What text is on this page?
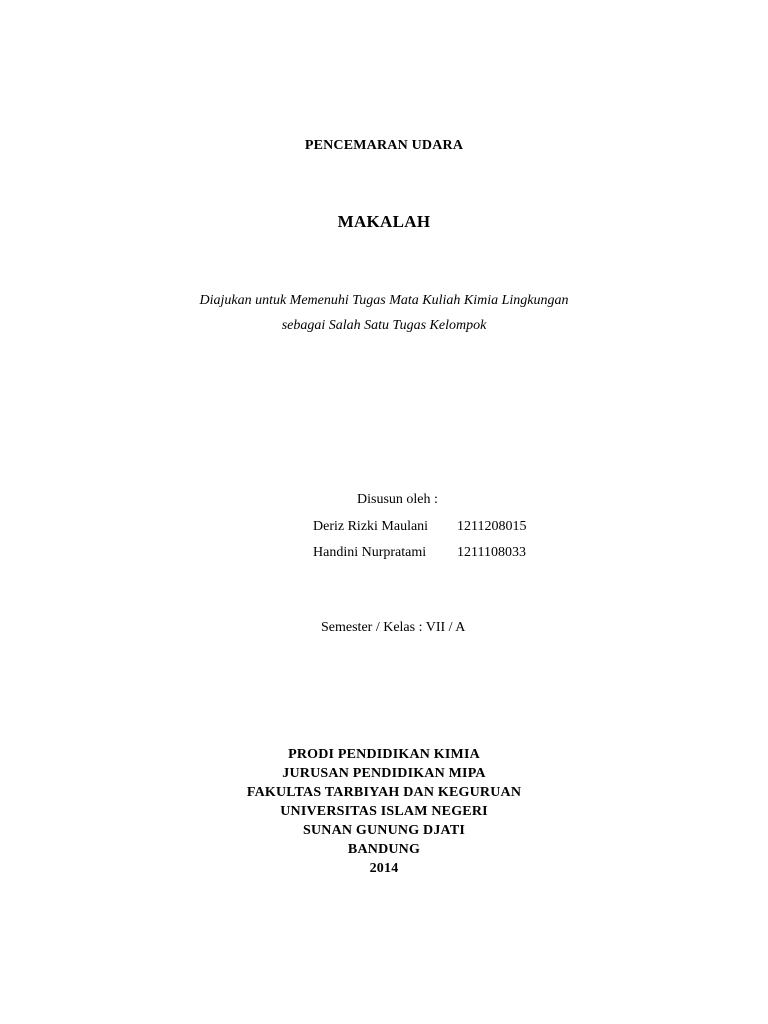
PENCEMARAN UDARA
MAKALAH
Diajukan untuk Memenuhi Tugas Mata Kuliah Kimia Lingkungan
sebagai Salah Satu Tugas Kelompok
Disusun oleh :
Deriz Rizki Maulani 1211208015
Handini Nurpratami 1211108033
Semester / Kelas : VII / A
PRODI PENDIDIKAN KIMIA
JURUSAN PENDIDIKAN MIPA
FAKULTAS TARBIYAH DAN KEGURUAN
UNIVERSITAS ISLAM NEGERI
SUNAN GUNUNG DJATI
BANDUNG
2014
